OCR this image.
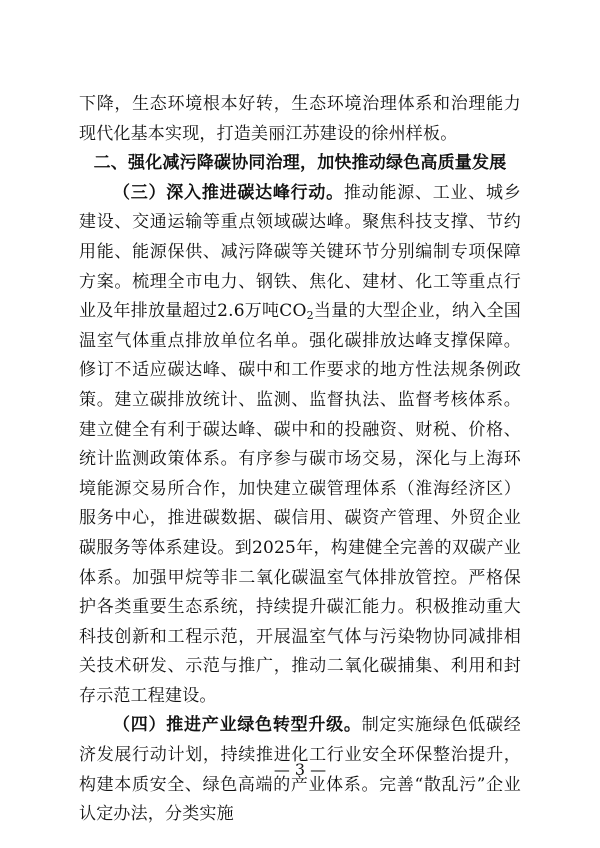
下降，生态环境根本好转，生态环境治理体系和治理能力现代化基本实现，打造美丽江苏建设的徐州样板。

二、强化减污降碳协同治理，加快推动绿色高质量发展

（三）深入推进碳达峰行动。推动能源、工业、城乡建设、交通运输等重点领域碳达峰。聚焦科技支撑、节约用能、能源保供、减污降碳等关键环节分别编制专项保障方案。梳理全市电力、钢铁、焦化、建材、化工等重点行业及年排放量超过2.6万吨$CO_2$当量的大型企业，纳入全国温室气体重点排放单位名单。强化碳排放达峰支撑保障。修订不适应碳达峰、碳中和工作要求的地方性法规条例政策。建立碳排放统计、监测、监督执法、监督考核体系。建立健全有利于碳达峰、碳中和的投融资、财税、价格、统计监测政策体系。有序参与碳市场交易，深化与上海环境能源交易所合作，加快建立碳管理体系（淮海经济区）服务中心，推进碳数据、碳信用、碳资产管理、外贸企业碳服务等体系建设。到2025年，构建健全完善的双碳产业体系。加强甲烷等非二氧化碳温室气体排放管控。严格保护各类重要生态系统，持续提升碳汇能力。积极推动重大科技创新和工程示范，开展温室气体与污染物协同减排相关技术研发、示范与推广，推动二氧化碳捕集、利用和封存示范工程建设。

（四）推进产业绿色转型升级。制定实施绿色低碳经济发展行动计划，持续推进化工行业安全环保整治提升，构建本质安全、绿色高端的产业体系。完善“散乱污”企业认定办法，分类实施

— 3 —
